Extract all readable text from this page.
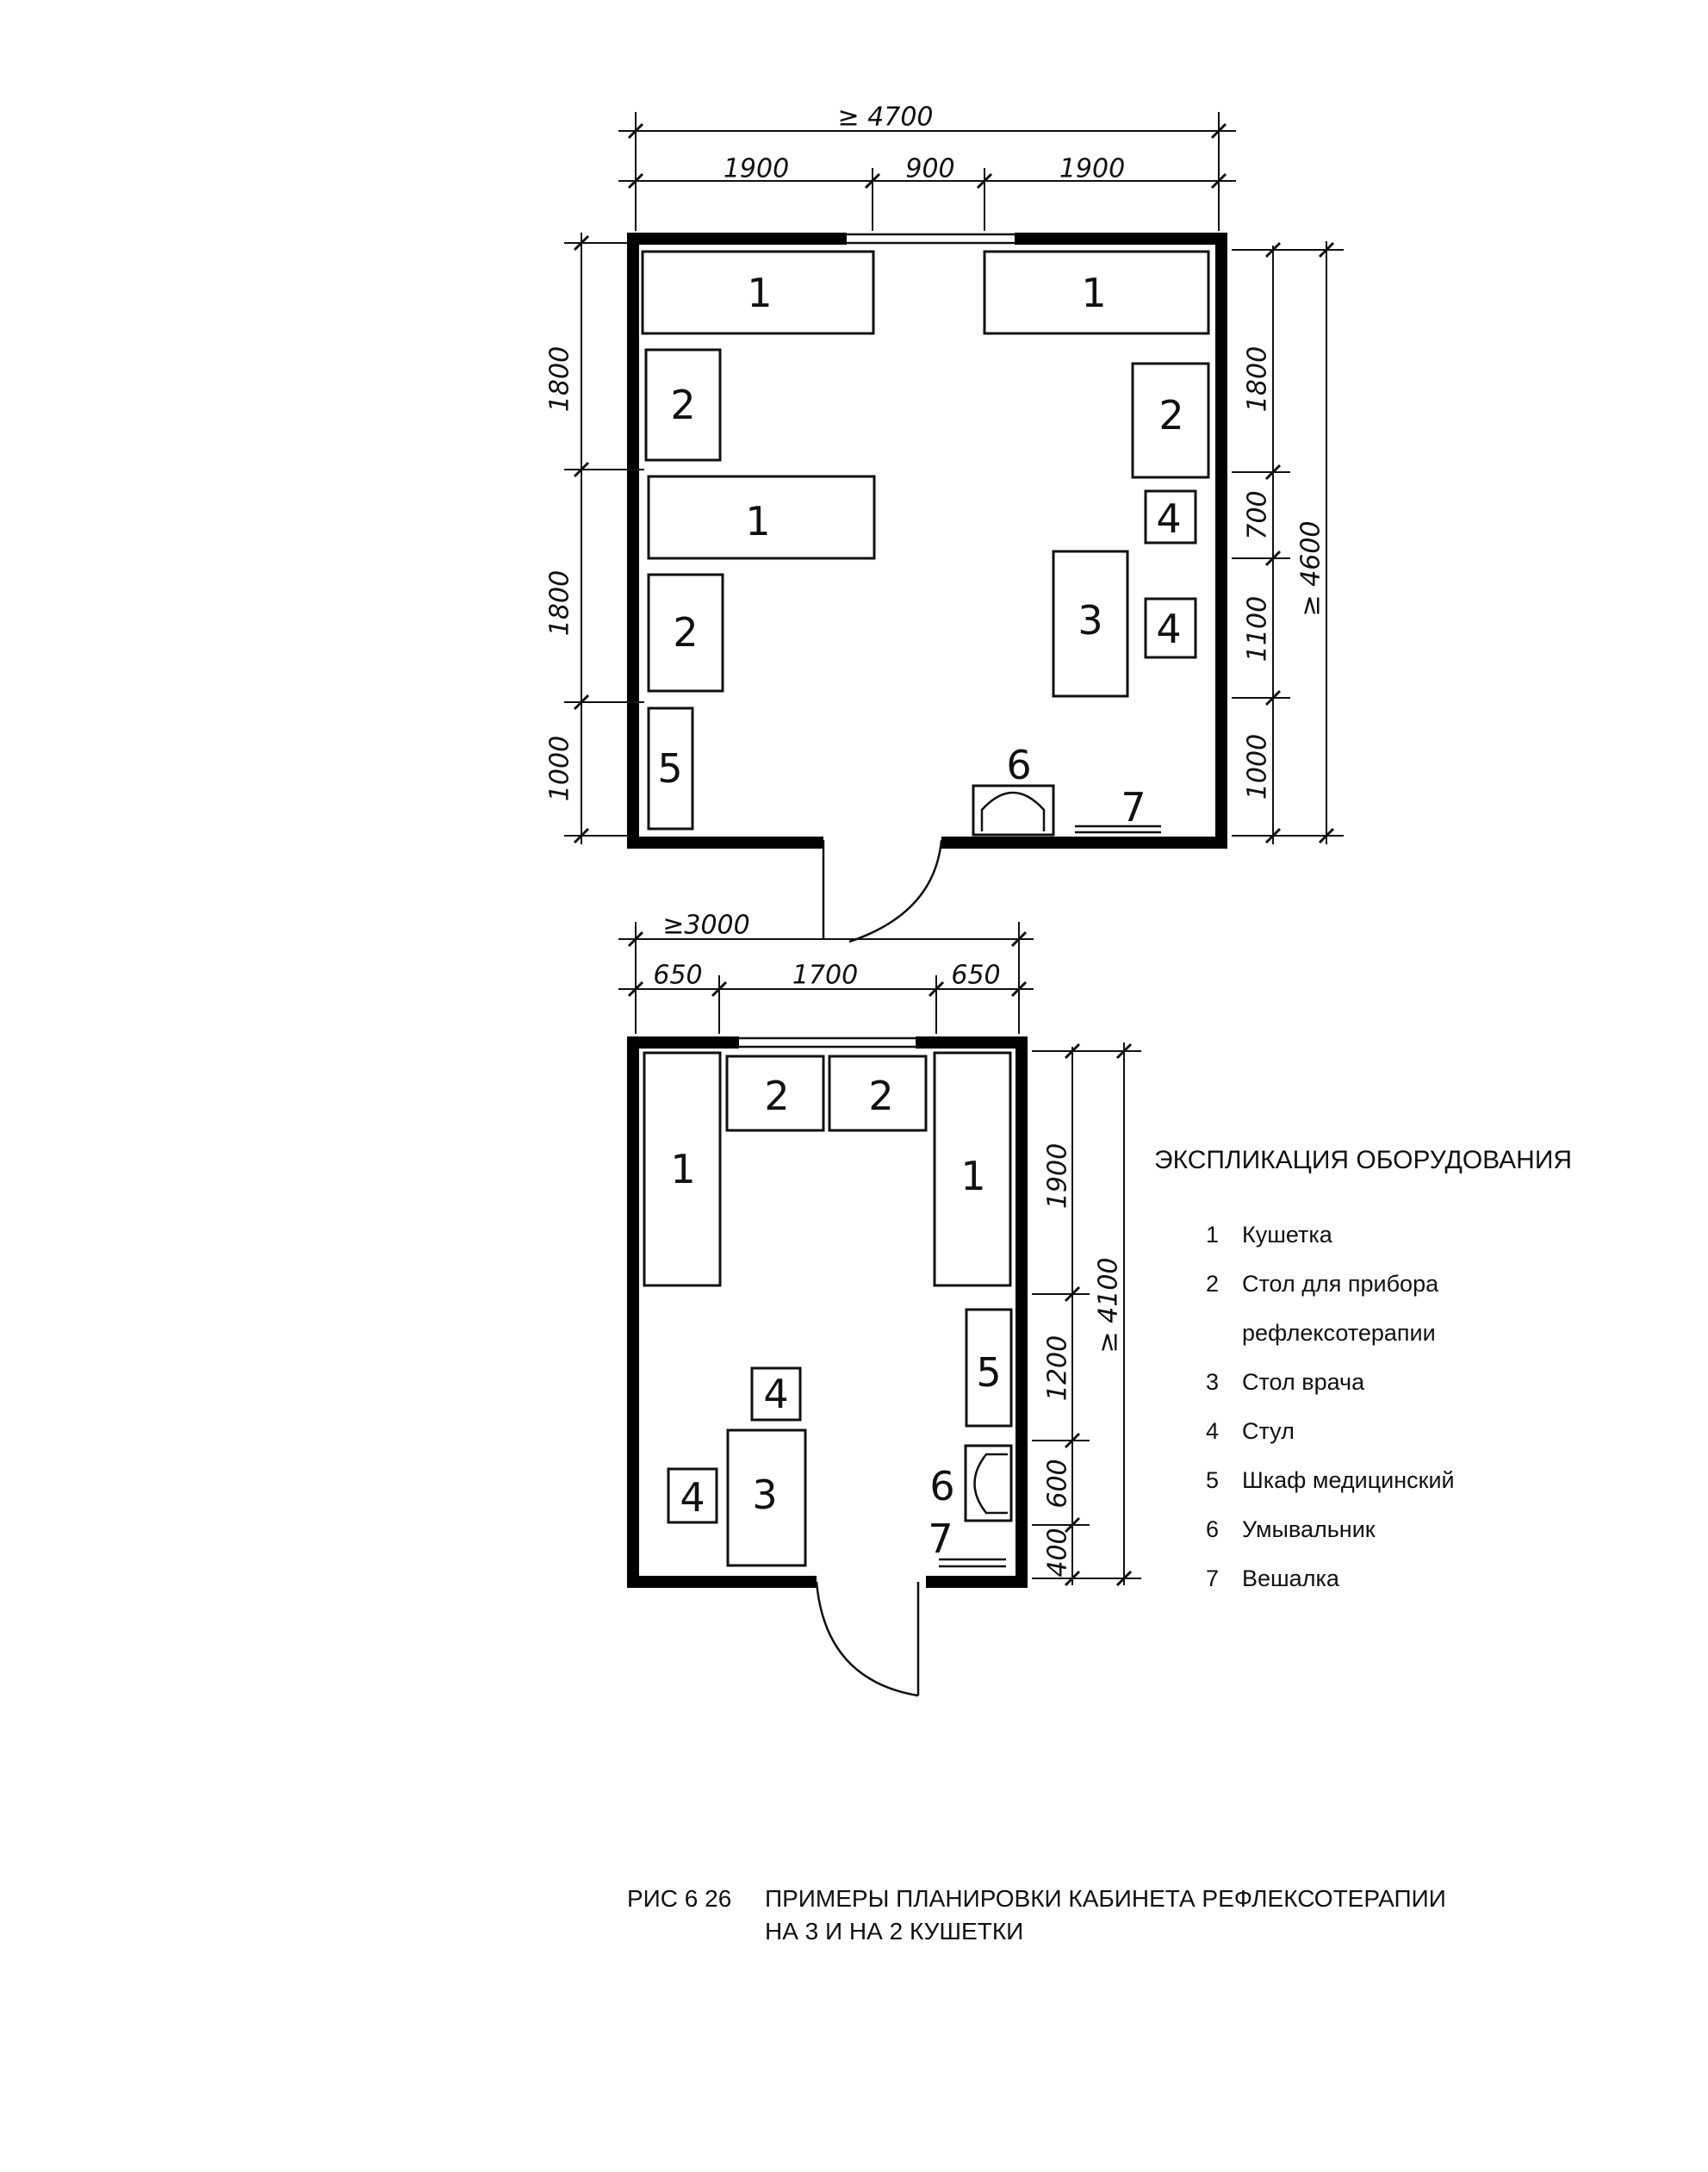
1	1
1
2	2
2	3
4
4
5	6
7
≥ 4700
1900	900	1900
1800
1800
1000
1800
700
1100
1000
≥ 4600
1	1
2 2
3
4
4
5
6
7
≥3000
650	1700	650
1900
1200
600
400
≥ 4100
ЭКСПЛИКАЦИЯ ОБОРУДОВАНИЯ
1 Кушетка
2 Стол для прибора
рефлексотерапии
3 Стол врача
4 Стул
5 Шкаф медицинский
6 Умывальник
7 Вешалка
РИС 6 26 ПРИМЕРЫ ПЛАНИРОВКИ КАБИНЕТА РЕФЛЕКСОТЕРАПИИ
НА 3 И НА 2 КУШЕТКИ
